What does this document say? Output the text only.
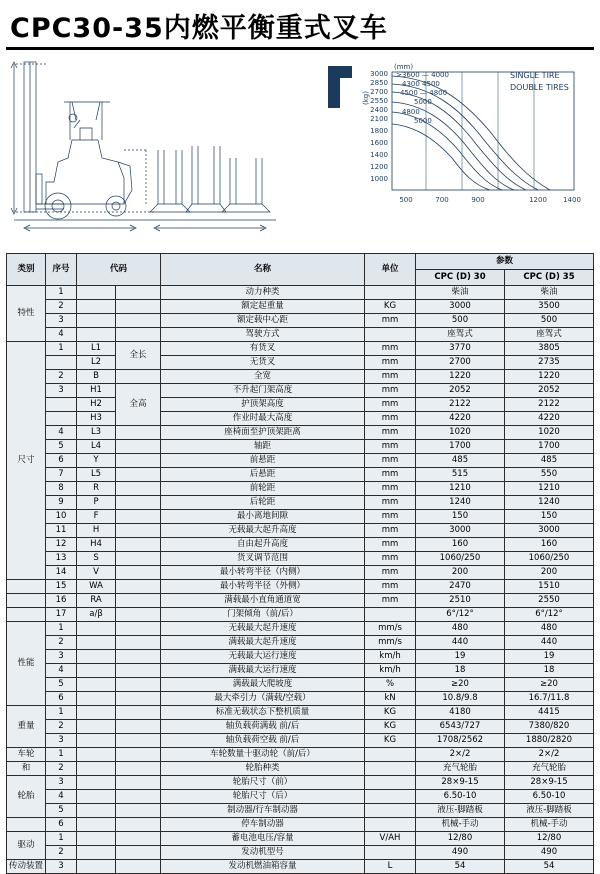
CPC30-35内燃平衡重式叉车
3000
2850
2700
2550
2400
2100
1800
1600
1400
1200
1000
(kg)
(mm)
>3600 — 4000
4300 4500
4500 — 4800
5000
4800
5000
500	700	900	1200 1400
SINGLE TIRE
DOUBLE TIRES
类别	序号	代码		名称	单位	参数	
						CPC (D) 30	CPC (D) 35
特性	1			动力种类		柴油	柴油
	2			额定起重量	KG	3000	3500
	3			额定载中心距	mm	500	500
	4			驾驶方式		座驾式	座驾式
尺寸	1	L1	全长	有货叉	mm	3770	3805
		L2		无货叉	mm	2700	2735
	2	B		全宽	mm	1220	1220
	3	H1	全高	不升起门架高度	mm	2052	2052
		H2		护顶架高度	mm	2122	2122
		H3		作业时最大高度	mm	4220	4220
	4	L3		座椅面至护顶架距离	mm	1020	1020
	5	L4		轴距	mm	1700	1700
	6	Y		前悬距	mm	485	485
	7	L5		后悬距	mm	515	550
	8	R		前轮距	mm	1210	1210
	9	P		后轮距	mm	1240	1240
	10	F		最小离地间隙	mm	150	150
	11	H		无载最大起升高度	mm	3000	3000
	12	H4		自由起升高度	mm	160	160
	13	S		货叉调节范围	mm	1060/250	1060/250
	14	V		最小转弯半径（内侧）	mm	200	200
	15	WA		最小转弯半径（外侧）	mm	2470	1510
	16	RA		满载最小直角通道宽	mm	2510	2550
	17	a/β		门架倾角（前/后）		6°/12°	6°/12°
性能	1			无载最大起升速度	mm/s	480	480
	2			满载最大起升速度	mm/s	440	440
	3			无载最大运行速度	km/h	19	19
	4			满载最大运行速度	km/h	18	18
	5			满载最大爬坡度	%	≥20	≥20
	6			最大牵引力（满载/空载）	kN	10.8/9.8	16.7/11.8
重量	1			标准无载状态下整机质量	KG	4180	4415
	2			轴负载荷满载 前/后	KG	6543/727	7380/820
	3			轴负载荷空载 前/后	KG	1708/2562	1880/2820
车轮	1			车轮数量十驱动轮（前/后）		2×/2	2×/2
和	2			轮胎种类		充气轮胎	充气轮胎
轮胎	3			轮胎尺寸（前）		28×9-15	28×9-15
	4			轮胎尺寸（后）		6.50-10	6.50-10
	5			制动器/行车制动器		液压-脚踏板	液压-脚踏板
	6			停车制动器		机械-手动	机械-手动
驱动	1			蓄电池电压/容量	V/AH	12/80	12/80
	2			发动机型号		490	490
传动装置	3			发动机燃油箱容量	L	54	54
